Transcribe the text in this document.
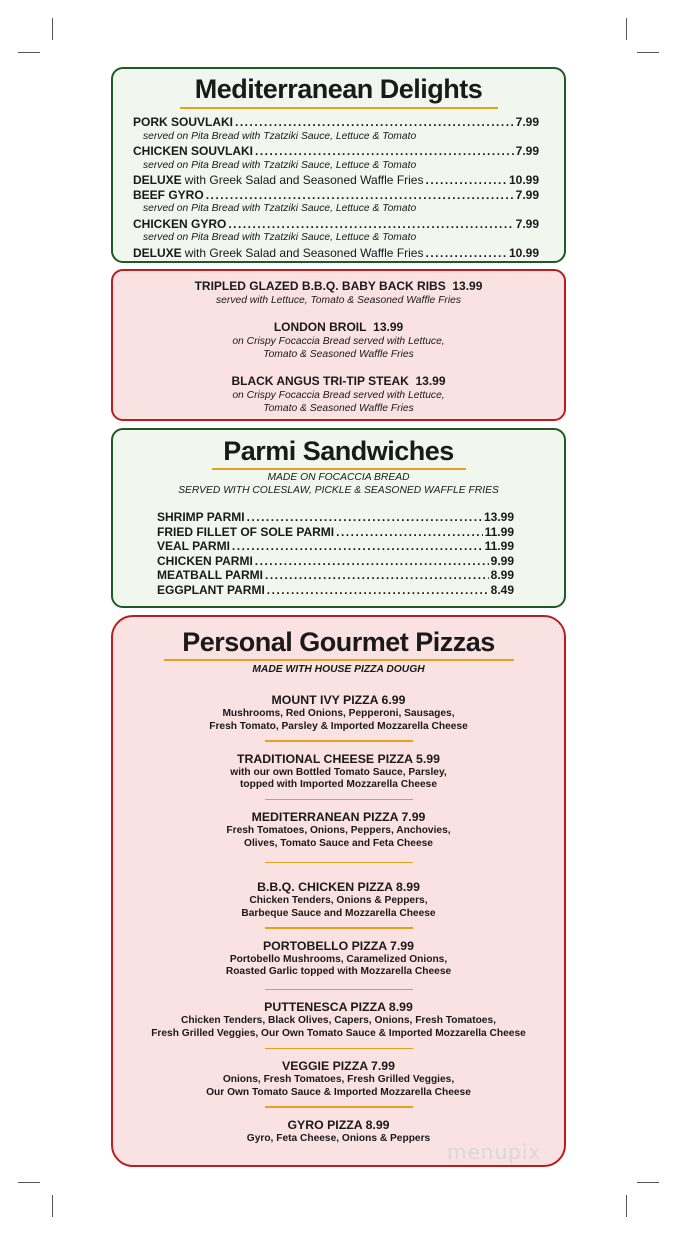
Mediterranean Delights
PORK SOUVLAKI .....	7.99
served on Pita Bread with Tzatziki Sauce, Lettuce & Tomato
CHICKEN SOUVLAKI .....	7.99
served on Pita Bread with Tzatziki Sauce, Lettuce & Tomato
DELUXE with Greek Salad and Seasoned Waffle Fries .....	10.99
BEEF GYRO .....	7.99
served on Pita Bread with Tzatziki Sauce, Lettuce & Tomato
CHICKEN GYRO .....	7.99
served on Pita Bread with Tzatziki Sauce, Lettuce & Tomato
DELUXE with Greek Salad and Seasoned Waffle Fries .....	10.99
TRIPLED GLAZED B.B.Q. BABY BACK RIBS 13.99
served with Lettuce, Tomato & Seasoned Waffle Fries
LONDON BROIL 13.99
on Crispy Focaccia Bread served with Lettuce,
Tomato & Seasoned Waffle Fries
BLACK ANGUS TRI-TIP STEAK 13.99
on Crispy Focaccia Bread served with Lettuce,
Tomato & Seasoned Waffle Fries
Parmi Sandwiches
MADE ON FOCACCIA BREAD
SERVED WITH COLESLAW, PICKLE & SEASONED WAFFLE FRIES
SHRIMP PARMI .....	13.99
FRIED FILLET OF SOLE PARMI .....	11.99
VEAL PARMI .....	11.99
CHICKEN PARMI .....	9.99
MEATBALL PARMI .....	8.99
EGGPLANT PARMI .....	8.49
Personal Gourmet Pizzas
MADE WITH HOUSE PIZZA DOUGH
MOUNT IVY PIZZA 6.99
Mushrooms, Red Onions, Pepperoni, Sausages,
Fresh Tomato, Parsley & Imported Mozzarella Cheese
TRADITIONAL CHEESE PIZZA 5.99
with our own Bottled Tomato Sauce, Parsley,
topped with Imported Mozzarella Cheese
MEDITERRANEAN PIZZA 7.99
Fresh Tomatoes, Onions, Peppers, Anchovies,
Olives, Tomato Sauce and Feta Cheese
B.B.Q. CHICKEN PIZZA 8.99
Chicken Tenders, Onions & Peppers,
Barbeque Sauce and Mozzarella Cheese
PORTOBELLO PIZZA 7.99
Portobello Mushrooms, Caramelized Onions,
Roasted Garlic topped with Mozzarella Cheese
PUTTENESCA PIZZA 8.99
Chicken Tenders, Black Olives, Capers, Onions, Fresh Tomatoes,
Fresh Grilled Veggies, Our Own Tomato Sauce & Imported Mozzarella Cheese
VEGGIE PIZZA 7.99
Onions, Fresh Tomatoes, Fresh Grilled Veggies,
Our Own Tomato Sauce & Imported Mozzarella Cheese
GYRO PIZZA 8.99
Gyro, Feta Cheese, Onions & Peppers
menupix
